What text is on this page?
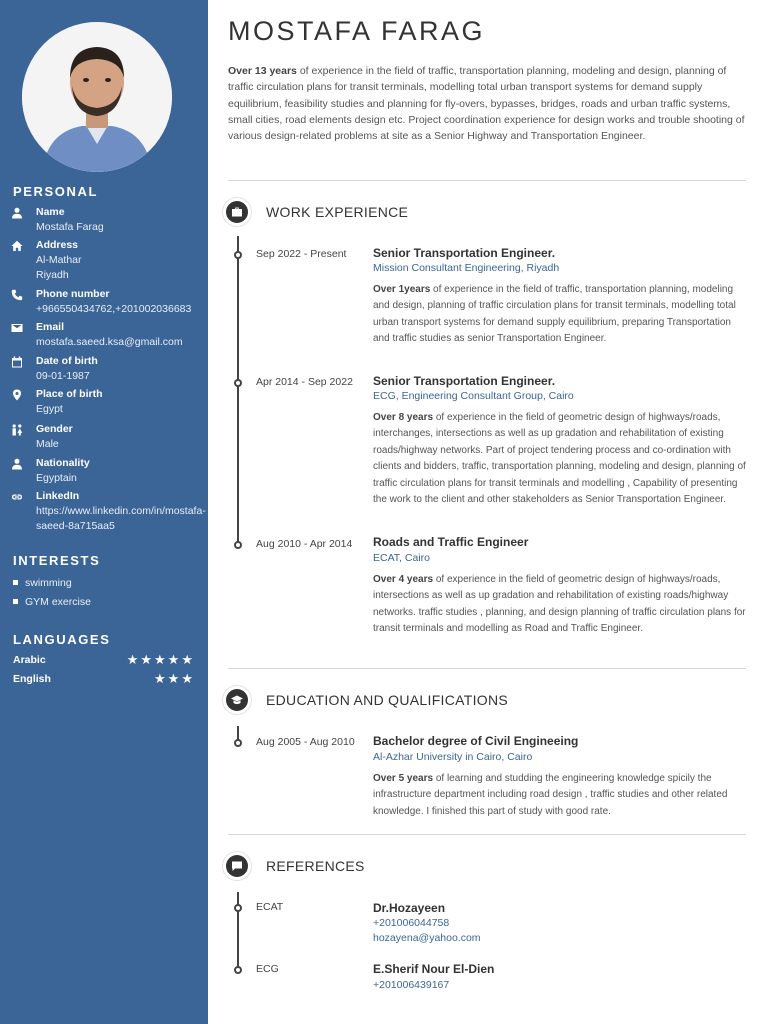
PERSONAL
Name
Mostafa Farag
Address
Al-Mathar
Riyadh
Phone number
+966550434762,+201002036683
Email
mostafa.saeed.ksa@gmail.com
Date of birth
09-01-1987
Place of birth
Egypt
Gender
Male
Nationality
Egyptain
LinkedIn
https://www.linkedin.com/in/mostafa-
saeed-8a715aa5
INTERESTS
swimming
GYM exercise
LANGUAGES
Arabic	★★★★★
English	★★★
MOSTAFA FARAG
Over 13 years of experience in the field of traffic, transportation planning, modeling and design, planning of traffic circulation plans for transit terminals, modelling total urban transport systems for demand supply equilibrium, feasibility studies and planning for fly-overs, bypasses, bridges, roads and urban traffic systems, small cities, road elements design etc. Project coordination experience for design works and trouble shooting of various design-related problems at site as a Senior Highway and Transportation Engineer.
WORK EXPERIENCE
Sep 2022 - Present Senior Transportation Engineer.
Mission Consultant Engineering, Riyadh
Over 1years of experience in the field of traffic, transportation planning, modeling and design, planning of traffic circulation plans for transit terminals, modelling total urban transport systems for demand supply equilibrium, preparing Transportation and traffic studies as senior Transportation Engineer.
Apr 2014 - Sep 2022 Senior Transportation Engineer.
ECG, Engineering Consultant Group, Cairo
Over 8 years of experience in the field of geometric design of highways/roads, interchanges, intersections as well as up gradation and rehabilitation of existing roads/highway networks. Part of project tendering process and co-ordination with clients and bidders, traffic, transportation planning, modeling and design, planning of traffic circulation plans for transit terminals and modelling , Capability of presenting the work to the client and other stakeholders as Senior Transportation Engineer.
Aug 2010 - Apr 2014 Roads and Traffic Engineer
ECAT, Cairo
Over 4 years of experience in the field of geometric design of highways/roads, intersections as well as up gradation and rehabilitation of existing roads/highway networks. traffic studies , planning, and design planning of traffic circulation plans for transit terminals and modelling as Road and Traffic Engineer.
EDUCATION AND QUALIFICATIONS
Aug 2005 - Aug 2010 Bachelor degree of Civil Engineeing
Al-Azhar University in Cairo, Cairo
Over 5 years of learning and studding the engineering knowledge spicily the infrastructure department including road design , traffic studies and other related knowledge. I finished this part of study with good rate.
REFERENCES
ECAT	Dr.Hozayeen
+201006044758
hozayena@yahoo.com
ECG	E.Sherif Nour El-Dien
+201006439167
